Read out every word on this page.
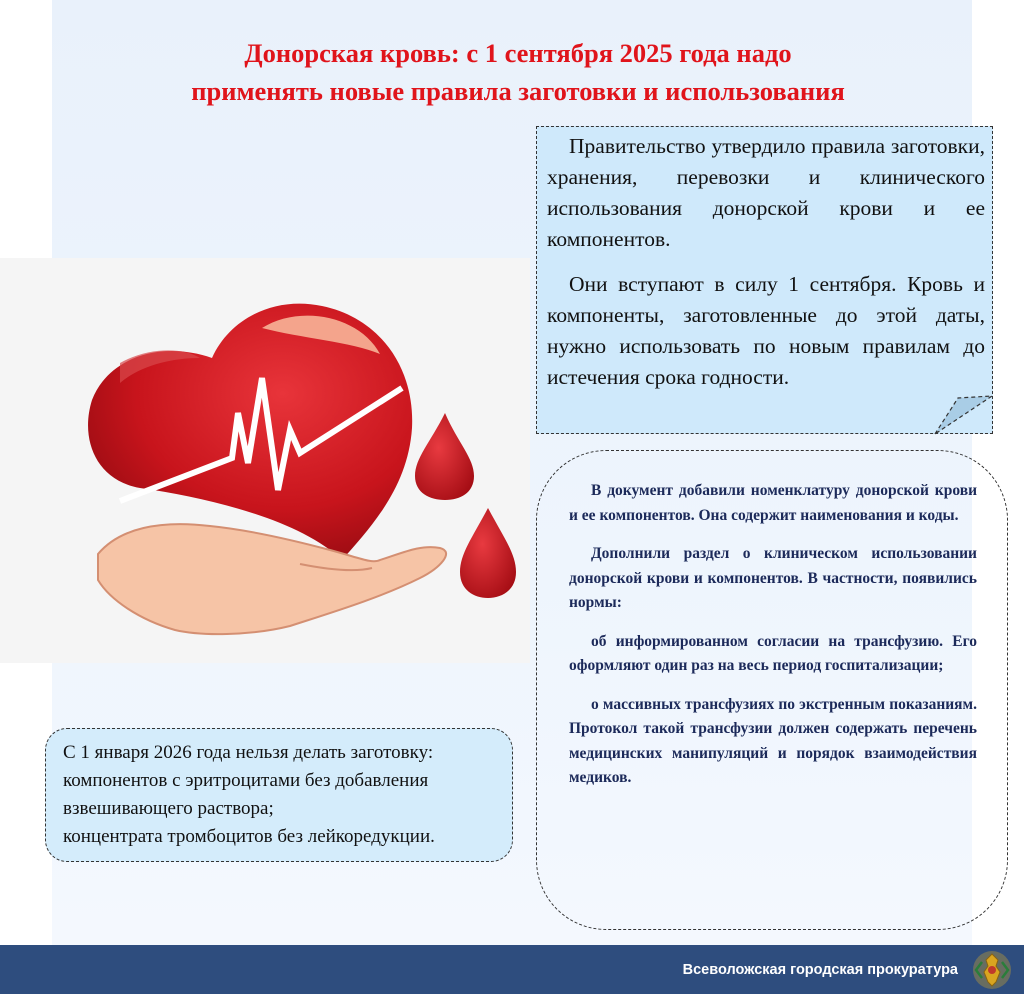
Донорская кровь: с 1 сентября 2025 года надо
применять новые правила заготовки и использования

Правительство утвердило правила заготовки, хранения, перевозки и клинического использования донорской крови и ее компонентов.

Они вступают в силу 1 сентября. Кровь и компоненты, заготовленные до этой даты, нужно использовать по новым правилам до истечения срока годности.

В документ добавили номенклатуру донорской крови и ее компонентов. Она содержит наименования и коды.

Дополнили раздел о клиническом использовании донорской крови и компонентов. В частности, появились нормы:

об информированном согласии на трансфузию. Его оформляют один раз на весь период госпитализации;

о массивных трансфузиях по экстренным показаниям. Протокол такой трансфузии должен содержать перечень медицинских манипуляций и порядок взаимодействия медиков.

С 1 января 2026 года нельзя делать заготовку:
компонентов с эритроцитами без добавления
взвешивающего раствора;
концентрата тромбоцитов без лейкоредукции.
Всеволожская городская прокуратура
